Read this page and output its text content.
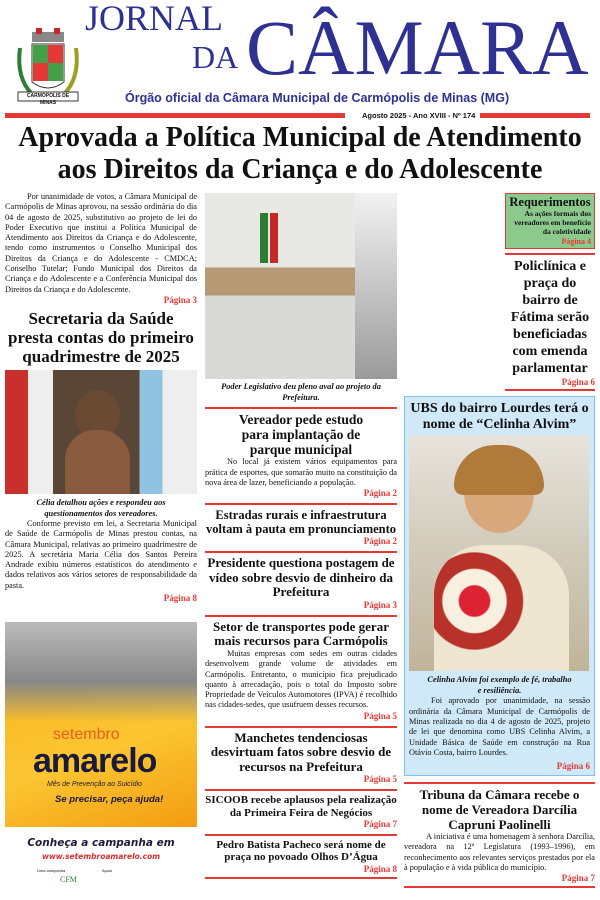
CARMÓPOLIS DE MINAS
JORNAL
DA CÂMARA
Órgão oficial da Câmara Municipal de Carmópolis de Minas (MG)
Agosto 2025 - Ano XVIII - Nº 174
Aprovada a Política Municipal de Atendimento aos Direitos da Criança e do Adolescente

Por unanimidade de votos, a Câmara Municipal de Carmópolis de Minas aprovou, na sessão ordinária do dia 04 de agosto de 2025, substitutivo ao projeto de lei do Poder Executivo que institui a Política Municipal de Atendimento aos Direitos da Criança e do Adolescente, tendo como instrumentos o Conselho Municipal dos Direitos da Criança e do Adolescente - CMDCA; Conselho Tutelar; Fundo Municipal dos Direitos da Criança e do Adolescente e a Conferência Municipal dos Direitos da Criança e do Adolescente.

Página 3
Secretaria da Saúde presta contas do primeiro quadrimestre de 2025
Célia detalhou ações e respondeu aos questionamentos dos vereadores.

Conforme previsto em lei, a Secretaria Municipal de Saúde de Carmópolis de Minas prestou contas, na Câmara Municipal, relativas ao primeiro quadrimestre de 2025. A secretária Maria Célia dos Santos Pereira Andrade exibiu números estatísticos do atendimento e dados relativos aos vários setores de responsabilidade da pasta.

Página 8
setembro
amarelo
Mês de Prevenção ao Suicídio
Se precisar, peça ajuda!
Conheça a campanha em
www.setembroamarelo.com
Uma campanha	Apoio
CFM
Poder Legislativo deu pleno aval ao projeto da Prefeitura.
Vereador pede estudo para implantação de parque municipal

No local já existem vários equipamentos para prática de esportes, que somarão muito na constituição da nova área de lazer, beneficiando a população.

Página 2
Estradas rurais e infraestrutura voltam à pauta em pronunciamento
Página 2
Presidente questiona postagem de vídeo sobre desvio de dinheiro da Prefeitura
Página 3
Setor de transportes pode gerar mais recursos para Carmópolis

Muitas empresas com sedes em outras cidades desenvolvem grande volume de atividades em Carmópolis. Entretanto, o município fica prejudicado quanto à arrecadação, pois o total do Imposto sobre Propriedade de Veículos Automotores (IPVA) é recolhido nas cidades-sedes, que usufruem desses recursos.

Página 5
Manchetes tendenciosas desvirtuam fatos sobre desvio de recursos na Prefeitura
Página 5
SICOOB recebe aplausos pela realização da Primeira Feira de Negócios
Página 7
Pedro Batista Pacheco será nome de praça no povoado Olhos D’Água
Página 8
Requerimentos
As ações formais dos vereadores em benefício da coletividade
Página 4
Policlínica e praça do bairro de Fátima serão beneficiadas com emenda parlamentar
Página 6
UBS do bairro Lourdes terá o nome de “Celinha Alvim”
Celinha Alvim foi exemplo de fé, trabalho e resiliência.

Foi aprovado por unanimidade, na sessão ordinária da Câmara Municipal de Carmópolis de Minas realizada no dia 4 de agosto de 2025, projeto de lei que denomina como UBS Celinha Alvim, a Unidade Básica de Saúde em construção na Rua Otávio Costa, bairro Lourdes.

Página 6
Tribuna da Câmara recebe o nome de Vereadora Darcília Capruni Paolinelli

A iniciativa é uma homenagem à senhora Darcília, vereadora na 12ª Legislatura (1993–1996), em reconhecimento aos relevantes serviços prestados por ela à população e à vida pública do município.

Página 7
